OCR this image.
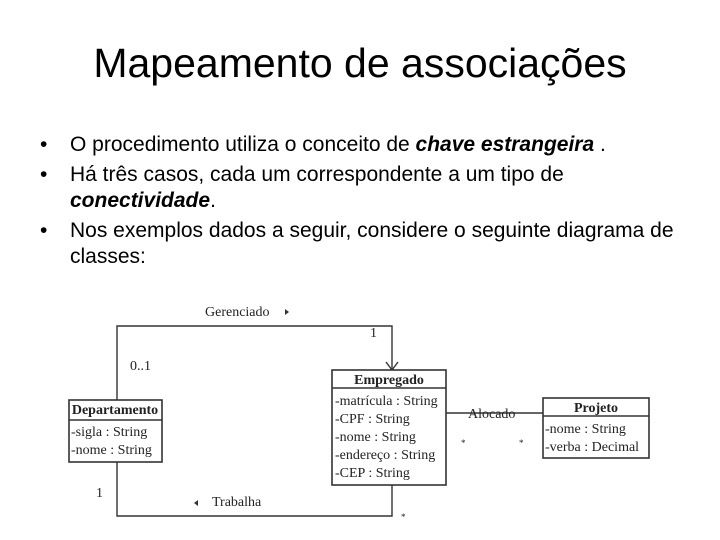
Mapeamento de associações
• O procedimento utiliza o conceito de chave estrangeira .
• Há três casos, cada um correspondente a um tipo de conectividade.
• Nos exemplos dados a seguir, considere o seguinte diagrama de classes:
Gerenciado
1
0..1
Trabalha
1
*
Alocado
*	*
Departamento
-sigla : String
-nome : String
Empregado
-matrícula : String
-CPF : String
-nome : String
-endereço : String
-CEP : String
Projeto
-nome : String
-verba : Decimal
